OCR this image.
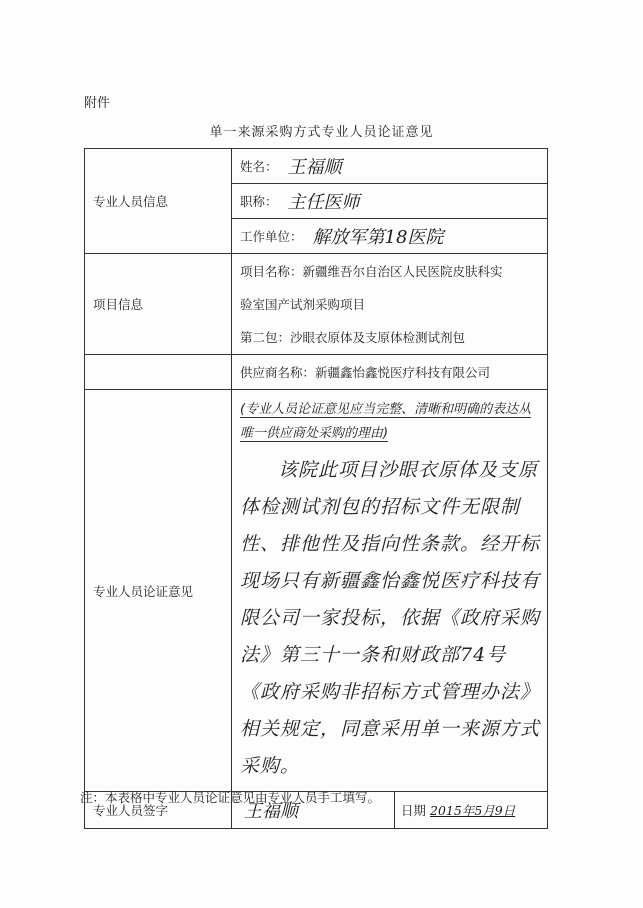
附件
单一来源采购方式专业人员论证意见
专业人员信息	姓名： 王福顺

	职称： 主任医师

	工作单位： 解放军第18医院

项目信息	项目名称：新疆维吾尔自治区人民医院皮肤科实
验室国产试剂采购项目
第二包：沙眼衣原体及支原体检测试剂包

	供应商名称：新疆鑫怡鑫悦医疗科技有限公司
专业人员论证意见	(专业人员论证意见应当完整、清晰和明确的表达从唯一供应商处采购的理由)
该院此项目沙眼衣原体及支原体检测试剂包的招标文件无限制性、排他性及指向性条款。经开标现场只有新疆鑫怡鑫悦医疗科技有限公司一家投标，依据《政府采购法》第三十一条和财政部74号《政府采购非招标方式管理办法》相关规定，同意采用单一来源方式采购。

专业人员签字	王福顺 日期 2015年5月9日
注：本表格中专业人员论证意见由专业人员手工填写。
